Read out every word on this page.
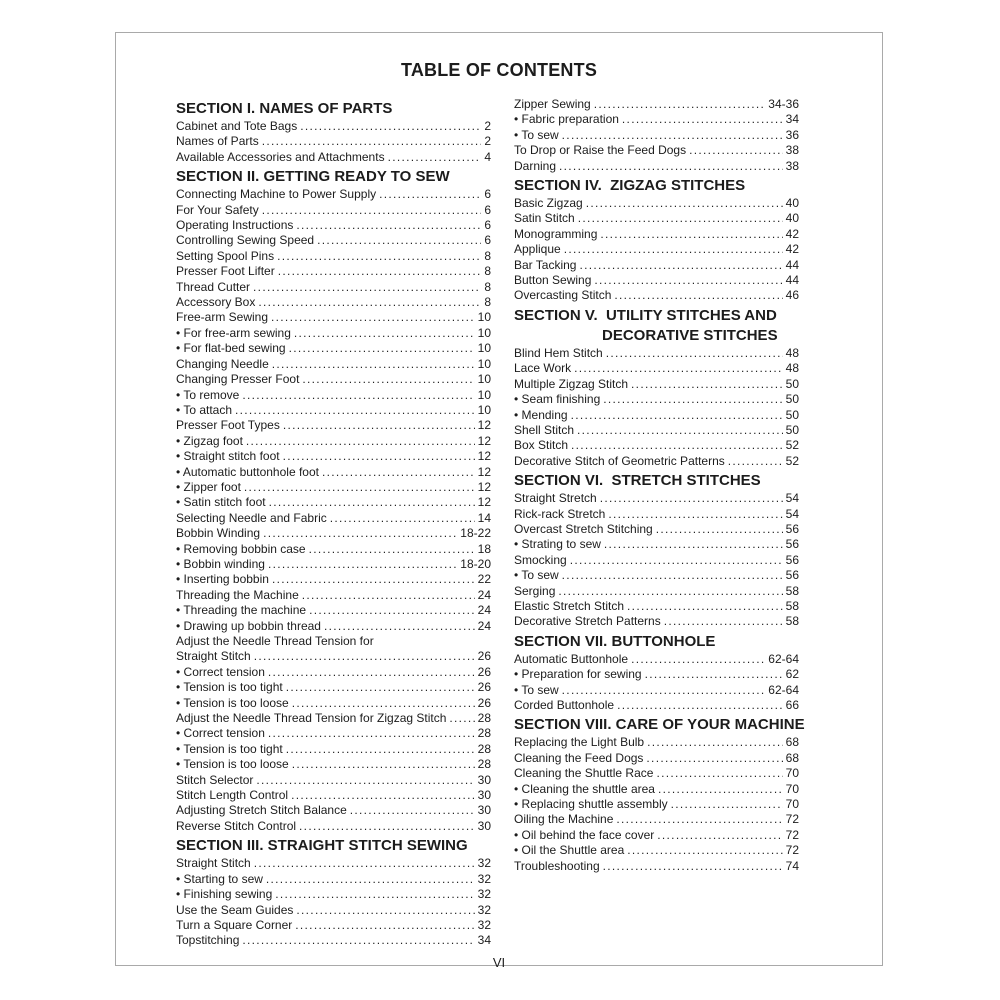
TABLE OF CONTENTS
SECTION I. NAMES OF PARTS
Cabinet and Tote Bags .....	2
Names of Parts .....	2
Available Accessories and Attachments .....	4
SECTION II. GETTING READY TO SEW
Connecting Machine to Power Supply .....	6
For Your Safety .....	6
Operating Instructions .....	6
Controlling Sewing Speed .....	6
Setting Spool Pins .....	8
Presser Foot Lifter .....	8
Thread Cutter .....	8
Accessory Box .....	8
Free-arm Sewing .....	10
• For free-arm sewing .....	10
• For flat-bed sewing .....	10
Changing Needle .....	10
Changing Presser Foot .....	10
• To remove .....	10
• To attach .....	10
Presser Foot Types .....	12
• Zigzag foot .....	12
• Straight stitch foot .....	12
• Automatic buttonhole foot .....	12
• Zipper foot .....	12
• Satin stitch foot .....	12
Selecting Needle and Fabric .....	14
Bobbin Winding .....	18-22
• Removing bobbin case .....	18
• Bobbin winding .....	18-20
• Inserting bobbin .....	22
Threading the Machine .....	24
• Threading the machine .....	24
• Drawing up bobbin thread .....	24
Adjust the Needle Thread Tension for
Straight Stitch .....	26
• Correct tension .....	26
• Tension is too tight .....	26
• Tension is too loose .....	26
Adjust the Needle Thread Tension for Zigzag Stitch .....	28
• Correct tension .....	28
• Tension is too tight .....	28
• Tension is too loose .....	28
Stitch Selector .....	30
Stitch Length Control .....	30
Adjusting Stretch Stitch Balance .....	30
Reverse Stitch Control .....	30
SECTION III. STRAIGHT STITCH SEWING
Straight Stitch .....	32
• Starting to sew .....	32
• Finishing sewing .....	32
Use the Seam Guides .....	32
Turn a Square Corner .....	32
Topstitching .....	34
Zipper Sewing .....	34-36
• Fabric preparation .....	34
• To sew .....	36
To Drop or Raise the Feed Dogs .....	38
Darning .....	38
SECTION IV.  ZIGZAG STITCHES
Basic Zigzag .....	40
Satin Stitch .....	40
Monogramming .....	42
Applique .....	42
Bar Tacking .....	44
Button Sewing .....	44
Overcasting Stitch .....	46
SECTION V.  UTILITY STITCHES AND
DECORATIVE STITCHES
Blind Hem Stitch .....	48
Lace Work .....	48
Multiple Zigzag Stitch .....	50
• Seam finishing .....	50
• Mending .....	50
Shell Stitch .....	50
Box Stitch .....	52
Decorative Stitch of Geometric Patterns .....	52
SECTION VI.  STRETCH STITCHES
Straight Stretch .....	54
Rick-rack Stretch .....	54
Overcast Stretch Stitching .....	56
• Strating to sew .....	56
Smocking .....	56
• To sew .....	56
Serging .....	58
Elastic Stretch Stitch .....	58
Decorative Stretch Patterns .....	58
SECTION VII. BUTTONHOLE
Automatic Buttonhole .....	62-64
• Preparation for sewing .....	62
• To sew .....	62-64
Corded Buttonhole .....	66
SECTION VIII. CARE OF YOUR MACHINE
Replacing the Light Bulb .....	68
Cleaning the Feed Dogs .....	68
Cleaning the Shuttle Race .....	70
• Cleaning the shuttle area .....	70
• Replacing shuttle assembly .....	70
Oiling the Machine .....	72
• Oil behind the face cover .....	72
• Oil the Shuttle area .....	72
Troubleshooting .....	74
VI
